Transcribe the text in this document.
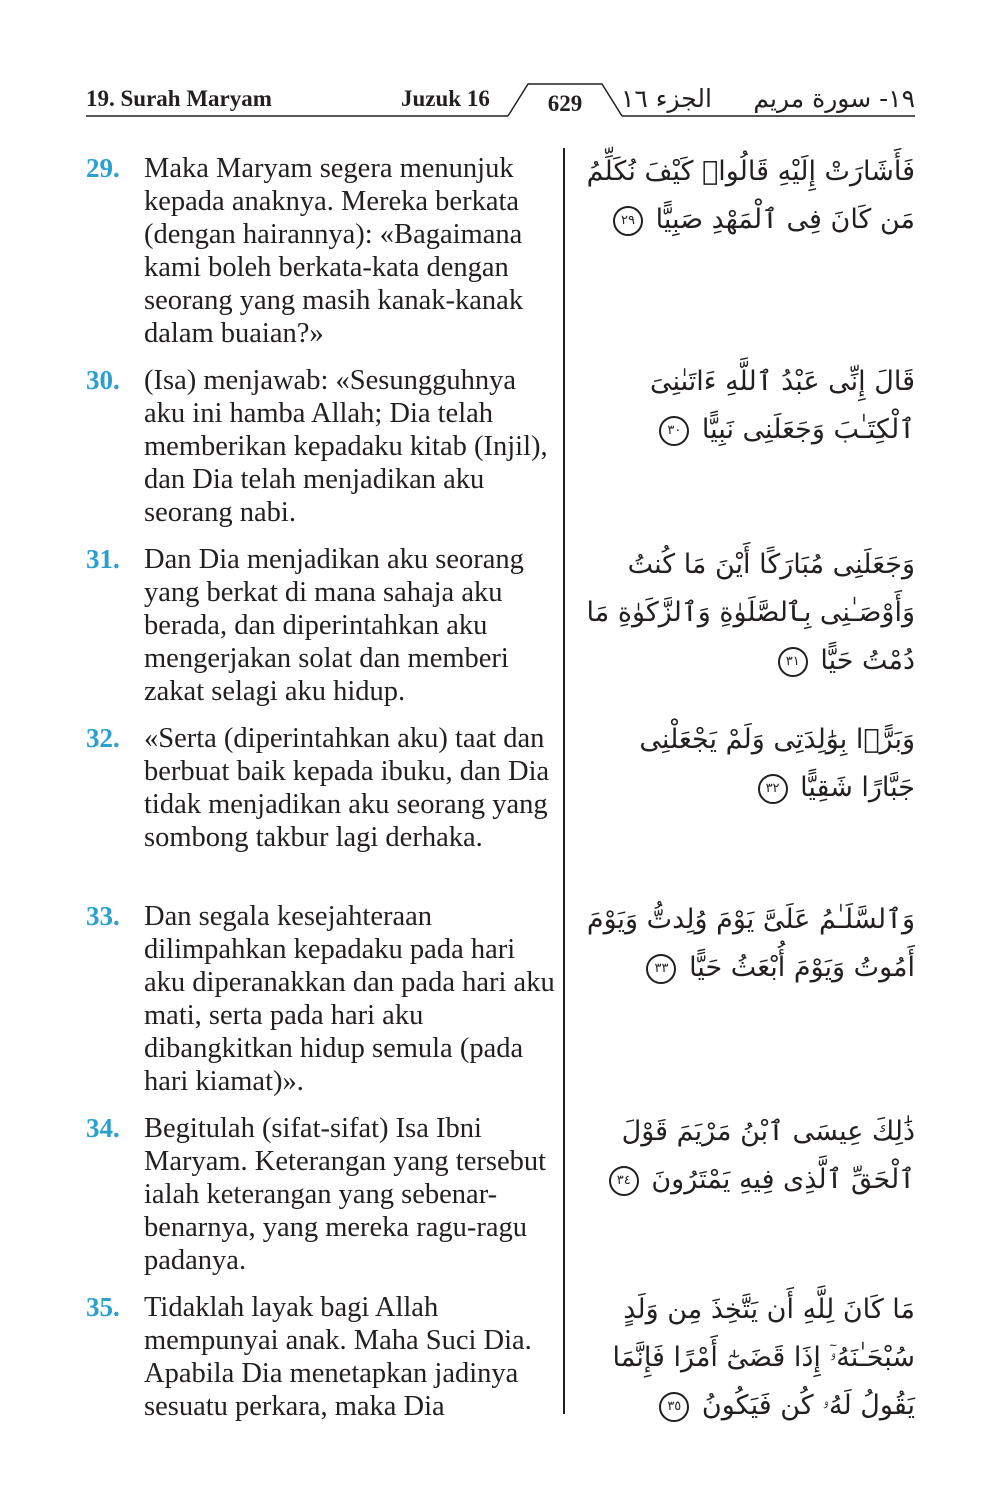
19. Surah Maryam	Juzuk 16	629	الجزء ١٦ ١٩- سورة مريم
29. Maka Maryam segera menunjuk kepada anaknya. Mereka berkata (dengan hairannya): «Bagaimana kami boleh berkata-kata dengan seorang yang masih kanak-kanak dalam buaian?»
فَأَشَارَتْ إِلَيْهِ قَالُوا۟ كَيْفَ نُكَلِّمُ مَن كَانَ فِى ٱلْمَهْدِ صَبِيًّا ٢٩
30. (Isa) menjawab: «Sesungguhnya aku ini hamba Allah; Dia telah memberikan kepadaku kitab (Injil), dan Dia telah menjadikan aku seorang nabi.
قَالَ إِنِّى عَبْدُ ٱللَّهِ ءَاتَىٰنِىَ ٱلْكِتَـٰبَ وَجَعَلَنِى نَبِيًّا ٣٠
31. Dan Dia menjadikan aku seorang yang berkat di mana sahaja aku berada, dan diperintahkan aku mengerjakan solat dan memberi zakat selagi aku hidup.
وَجَعَلَنِى مُبَارَكًا أَيْنَ مَا كُنتُ وَأَوْصَـٰنِى بِٱلصَّلَوٰةِ وَٱلزَّكَوٰةِ مَا دُمْتُ حَيًّا ٣١
32. «Serta (diperintahkan aku) taat dan berbuat baik kepada ibuku, dan Dia tidak menjadikan aku seorang yang sombong takbur lagi derhaka.
وَبَرًّۢا بِوَٰلِدَتِى وَلَمْ يَجْعَلْنِى جَبَّارًا شَقِيًّا ٣٢
33. Dan segala kesejahteraan dilimpahkan kepadaku pada hari aku diperanakkan dan pada hari aku mati, serta pada hari aku dibangkitkan hidup semula (pada hari kiamat)».
وَٱلسَّلَـٰمُ عَلَىَّ يَوْمَ وُلِدتُّ وَيَوْمَ أَمُوتُ وَيَوْمَ أُبْعَثُ حَيًّا ٣٣
34. Begitulah (sifat-sifat) Isa Ibni Maryam. Keterangan yang tersebut ialah keterangan yang sebenar-benarnya, yang mereka ragu-ragu padanya.
ذَٰلِكَ عِيسَى ٱبْنُ مَرْيَمَ قَوْلَ ٱلْحَقِّ ٱلَّذِى فِيهِ يَمْتَرُونَ ٣٤
35. Tidaklah layak bagi Allah mempunyai anak. Maha Suci Dia. Apabila Dia menetapkan jadinya sesuatu perkara, maka Dia
مَا كَانَ لِلَّهِ أَن يَتَّخِذَ مِن وَلَدٍ سُبْحَـٰنَهُۥٓ إِذَا قَضَىٰٓ أَمْرًا فَإِنَّمَا يَقُولُ لَهُۥ كُن فَيَكُونُ ٣٥
